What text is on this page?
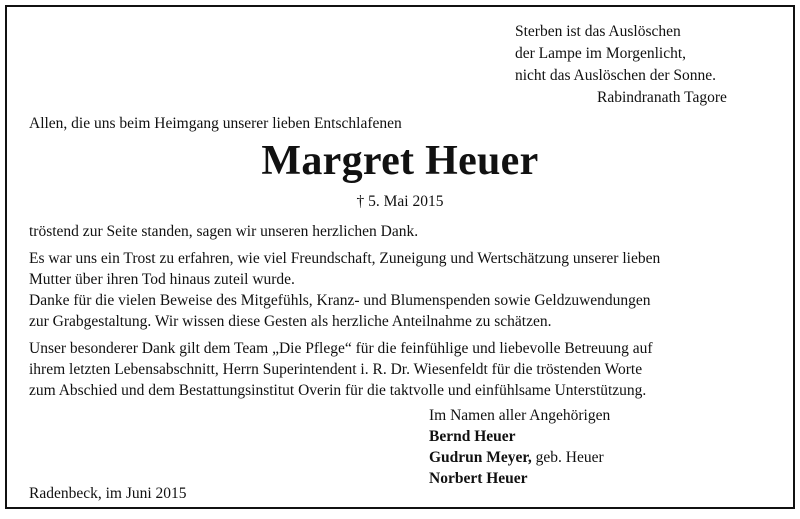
Sterben ist das Auslöschen
der Lampe im Morgenlicht,
nicht das Auslöschen der Sonne.
Rabindranath Tagore
Allen, die uns beim Heimgang unserer lieben Entschlafenen
Margret Heuer
† 5. Mai 2015

tröstend zur Seite standen, sagen wir unseren herzlichen Dank.

Es war uns ein Trost zu erfahren, wie viel Freundschaft, Zuneigung und Wertschätzung unserer lieben
Mutter über ihren Tod hinaus zuteil wurde.
Danke für die vielen Beweise des Mitgefühls, Kranz- und Blumenspenden sowie Geldzuwendungen
zur Grabgestaltung. Wir wissen diese Gesten als herzliche Anteilnahme zu schätzen.

Unser besonderer Dank gilt dem Team „Die Pflege“ für die feinfühlige und liebevolle Betreuung auf
ihrem letzten Lebensabschnitt, Herrn Superintendent i. R. Dr. Wiesenfeldt für die tröstenden Worte
zum Abschied und dem Bestattungsinstitut Overin für die taktvolle und einfühlsame Unterstützung.

Im Namen aller Angehörigen
Bernd Heuer
Gudrun Meyer, geb. Heuer
Norbert Heuer
Radenbeck, im Juni 2015
